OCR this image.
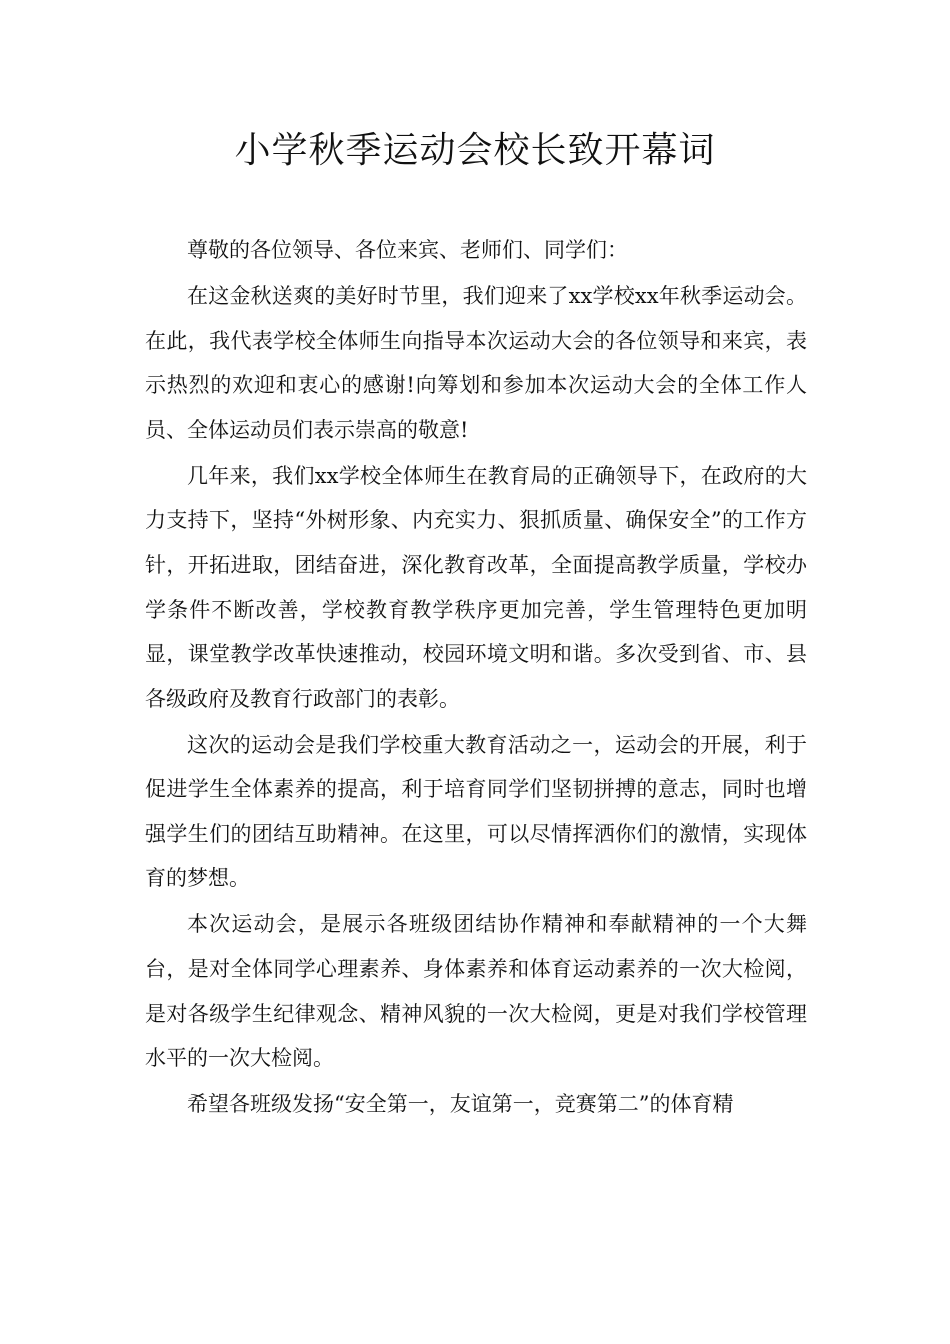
小学秋季运动会校长致开幕词

尊敬的各位领导、各位来宾、老师们、同学们：

在这金秋送爽的美好时节里，我们迎来了xx学校xx年秋季运动会。在此，我代表学校全体师生向指导本次运动大会的各位领导和来宾，表示热烈的欢迎和衷心的感谢!向筹划和参加本次运动大会的全体工作人员、全体运动员们表示崇高的敬意!

几年来，我们xx学校全体师生在教育局的正确领导下，在政府的大力支持下，坚持“外树形象、内充实力、狠抓质量、确保安全”的工作方针，开拓进取，团结奋进，深化教育改革，全面提高教学质量，学校办学条件不断改善，学校教育教学秩序更加完善，学生管理特色更加明显，课堂教学改革快速推动，校园环境文明和谐。多次受到省、市、县各级政府及教育行政部门的表彰。

这次的运动会是我们学校重大教育活动之一，运动会的开展，利于促进学生全体素养的提高，利于培育同学们坚韧拼搏的意志，同时也增强学生们的团结互助精神。在这里，可以尽情挥洒你们的激情，实现体育的梦想。

本次运动会，是展示各班级团结协作精神和奉献精神的一个大舞台，是对全体同学心理素养、身体素养和体育运动素养的一次大检阅，是对各级学生纪律观念、精神风貌的一次大检阅，更是对我们学校管理水平的一次大检阅。

希望各班级发扬“安全第一，友谊第一，竞赛第二”的体育精
